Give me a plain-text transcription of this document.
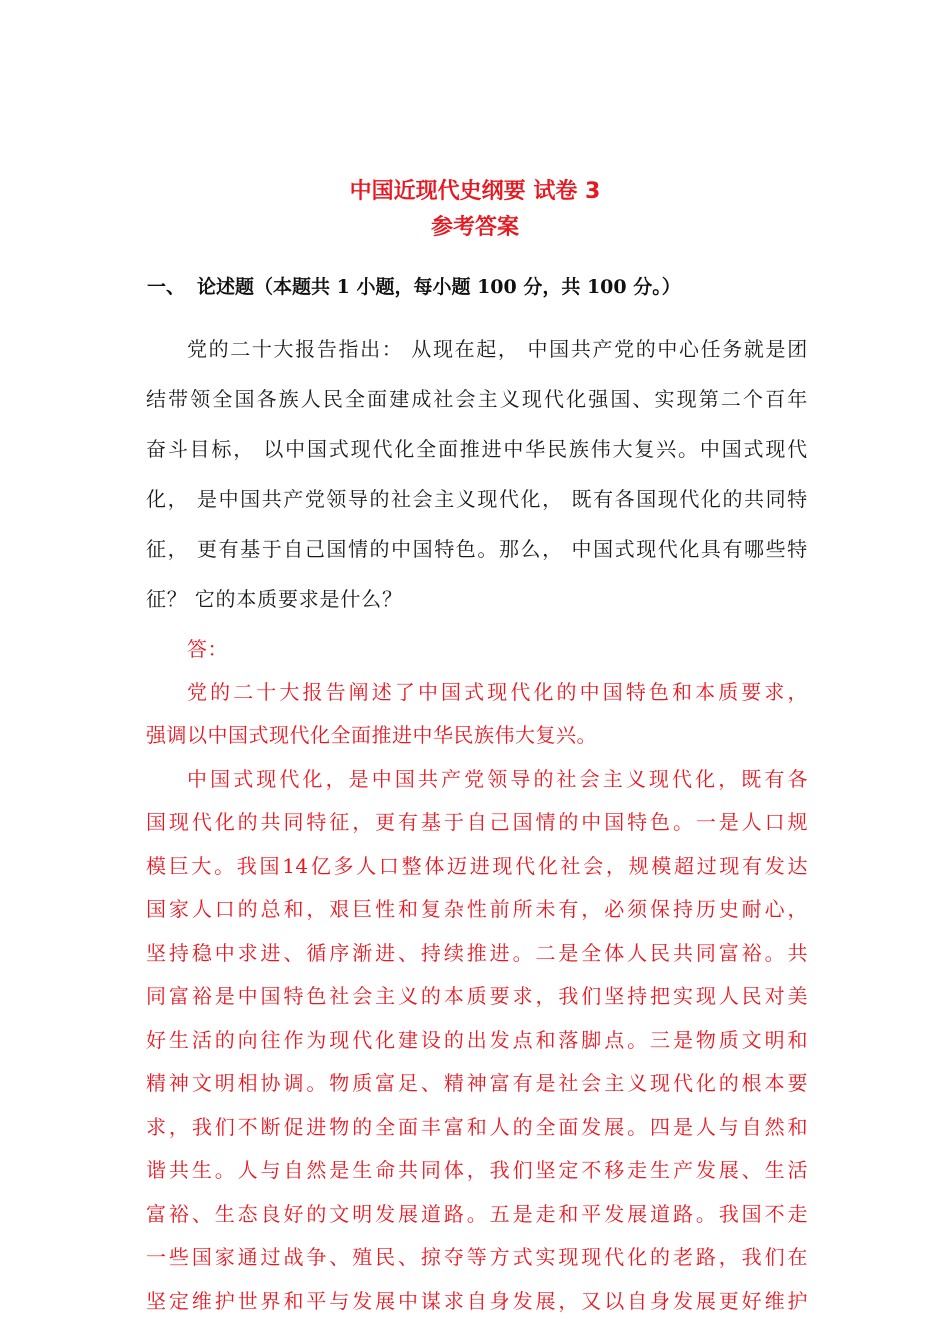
中国近现代史纲要 试卷 3
参考答案
一、 论述题（本题共 1 小题，每小题 100 分，共 100 分。）
党的二十大报告指出： 从现在起， 中国共产党的中心任务就是团
结带领全国各族人民全面建成社会主义现代化强国、实现第二个百年
奋斗目标， 以中国式现代化全面推进中华民族伟大复兴。中国式现代
化， 是中国共产党领导的社会主义现代化， 既有各国现代化的共同特
征， 更有基于自己国情的中国特色。那么， 中国式现代化具有哪些特
征？ 它的本质要求是什么？
答：
党的二十大报告阐述了中国式现代化的中国特色和本质要求，
强调以中国式现代化全面推进中华民族伟大复兴。
中国式现代化，是中国共产党领导的社会主义现代化，既有各
国现代化的共同特征，更有基于自己国情的中国特色。一是人口规
模巨大。我国14亿多人口整体迈进现代化社会，规模超过现有发达
国家人口的总和，艰巨性和复杂性前所未有，必须保持历史耐心，
坚持稳中求进、循序渐进、持续推进。二是全体人民共同富裕。共
同富裕是中国特色社会主义的本质要求，我们坚持把实现人民对美
好生活的向往作为现代化建设的出发点和落脚点。三是物质文明和
精神文明相协调。物质富足、精神富有是社会主义现代化的根本要
求，我们不断促进物的全面丰富和人的全面发展。四是人与自然和
谐共生。人与自然是生命共同体，我们坚定不移走生产发展、生活
富裕、生态良好的文明发展道路。五是走和平发展道路。我国不走
一些国家通过战争、殖民、掠夺等方式实现现代化的老路，我们在
坚定维护世界和平与发展中谋求自身发展，又以自身发展更好维护
